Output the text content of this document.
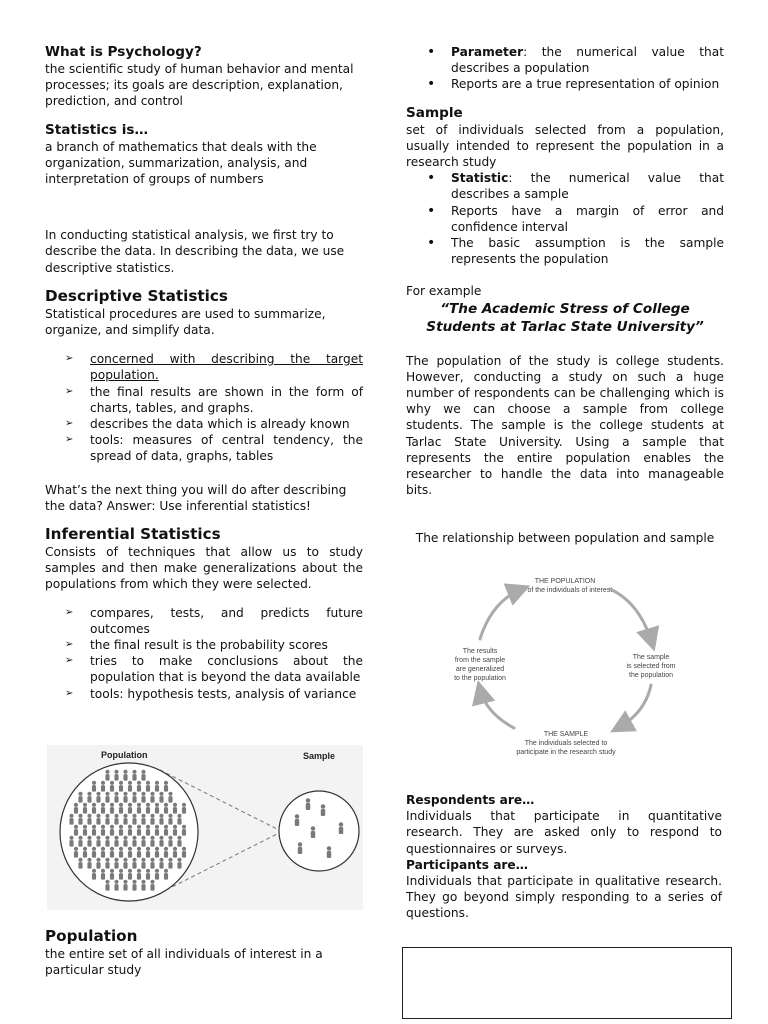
What is Psychology?

the scientific study of human behavior and mental processes; its goals are description, explanation, prediction, and control

Statistics is…

a branch of mathematics that deals with the organization, summarization, analysis, and interpretation of groups of numbers

In conducting statistical analysis, we first try to describe the data. In describing the data, we use descriptive statistics.

Descriptive Statistics

Statistical procedures are used to summarize, organize, and simplify data.

➢ concerned with describing the target population.
➢ the final results are shown in the form of charts, tables, and graphs.
➢ describes the data which is already known
➢ tools: measures of central tendency, the spread of data, graphs, tables

What’s the next thing you will do after describing the data? Answer: Use inferential statistics!

Inferential Statistics

Consists of techniques that allow us to study samples and then make generalizations about the populations from which they were selected.

➢ compares, tests, and predicts future outcomes
➢ the final result is the probability scores
➢ tries to make conclusions about the population that is beyond the data available
➢ tools: hypothesis tests, analysis of variance
Population	Sample
Population

the entire set of all individuals of interest in a particular study

• Parameter: the numerical value that describes a population
• Reports are a true representation of opinion
Sample

set of individuals selected from a population, usually intended to represent the population in a research study

• Statistic: the numerical value that describes a sample
• Reports have a margin of error and confidence interval
• The basic assumption is the sample represents the population

For example

“The Academic Stress of College Students at Tarlac State University”

The population of the study is college students. However, conducting a study on such a huge number of respondents can be challenging which is why we can choose a sample from college students. The sample is the college students at Tarlac State University. Using a sample that represents the entire population enables the researcher to handle the data into manageable bits.

The relationship between population and sample

THE POPULATION
All of the individuals of interest
The sample
is selected from
the population
THE SAMPLE
The individuals selected to
participate in the research study
The results
from the sample
are generalized
to the population

Respondents are…

Individuals that participate in quantitative research. They are asked only to respond to questionnaires or surveys.

Participants are…

Individuals that participate in qualitative research. They go beyond simply responding to a series of questions.
